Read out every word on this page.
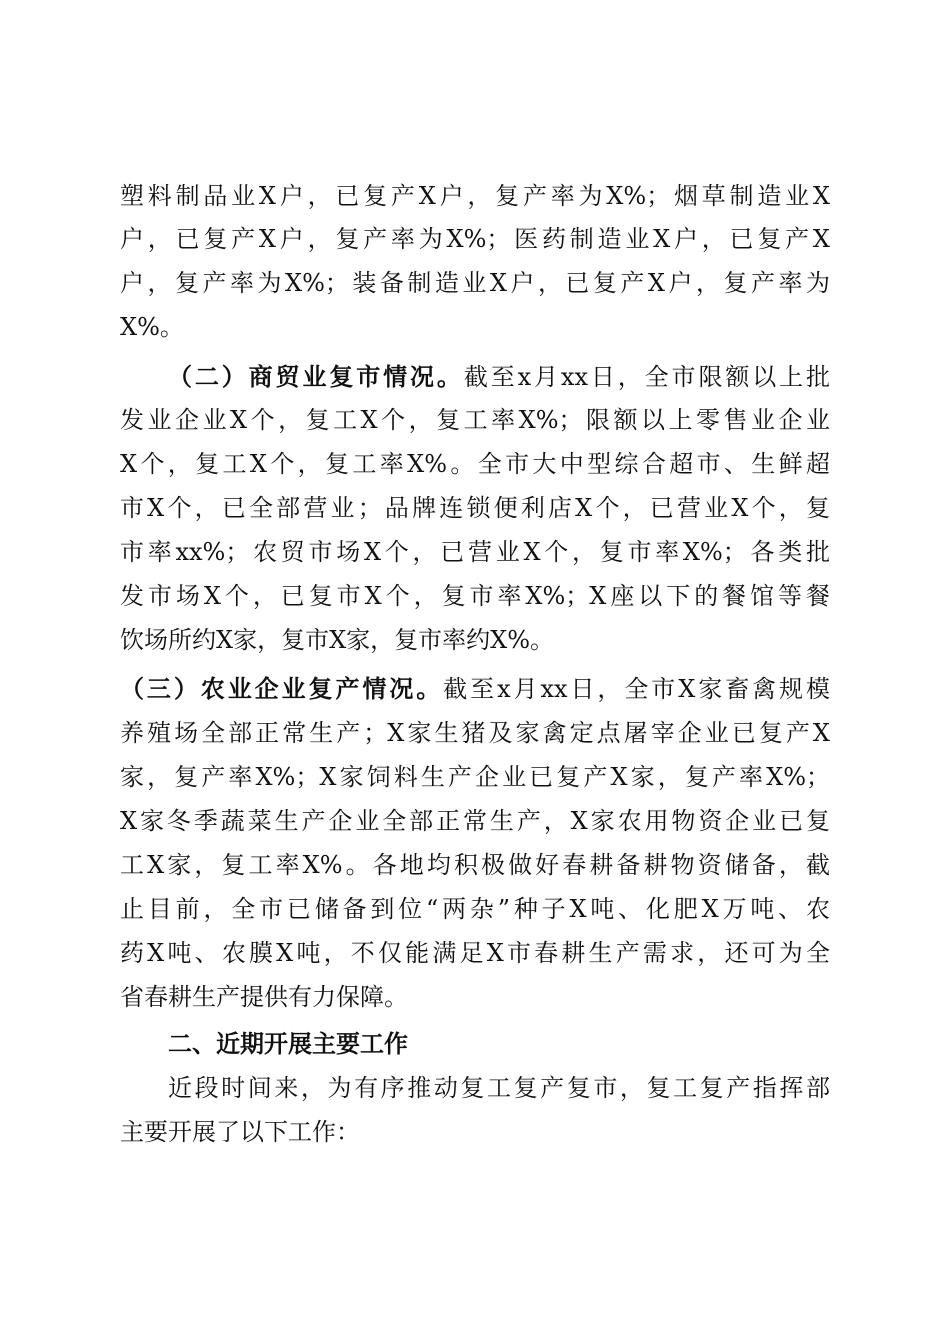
塑料制品业X户，已复产X户，复产率为X%；烟草制造业X
户，已复产X户，复产率为X%；医药制造业X户，已复产X
户，复产率为X%；装备制造业X户，已复产X户，复产率为
X%。
（二）商贸业复市情况。截至x月xx日，全市限额以上批
发业企业X个，复工X个，复工率X%；限额以上零售业企业
X个，复工X个，复工率X%。全市大中型综合超市、生鲜超
市X个，已全部营业；品牌连锁便利店X个，已营业X个，复
市率xx%；农贸市场X个，已营业X个，复市率X%；各类批
发市场X个，已复市X个，复市率X%；X座以下的餐馆等餐
饮场所约X家，复市X家，复市率约X%。
（三）农业企业复产情况。截至x月xx日，全市X家畜禽规模
养殖场全部正常生产；X家生猪及家禽定点屠宰企业已复产X
家，复产率X%；X家饲料生产企业已复产X家，复产率X%；
X家冬季蔬菜生产企业全部正常生产，X家农用物资企业已复
工X家，复工率X%。各地均积极做好春耕备耕物资储备，截
止目前，全市已储备到位“两杂”种子X吨、化肥X万吨、农
药X吨、农膜X吨，不仅能满足X市春耕生产需求，还可为全
省春耕生产提供有力保障。
二、近期开展主要工作
近段时间来，为有序推动复工复产复市，复工复产指挥部
主要开展了以下工作：
